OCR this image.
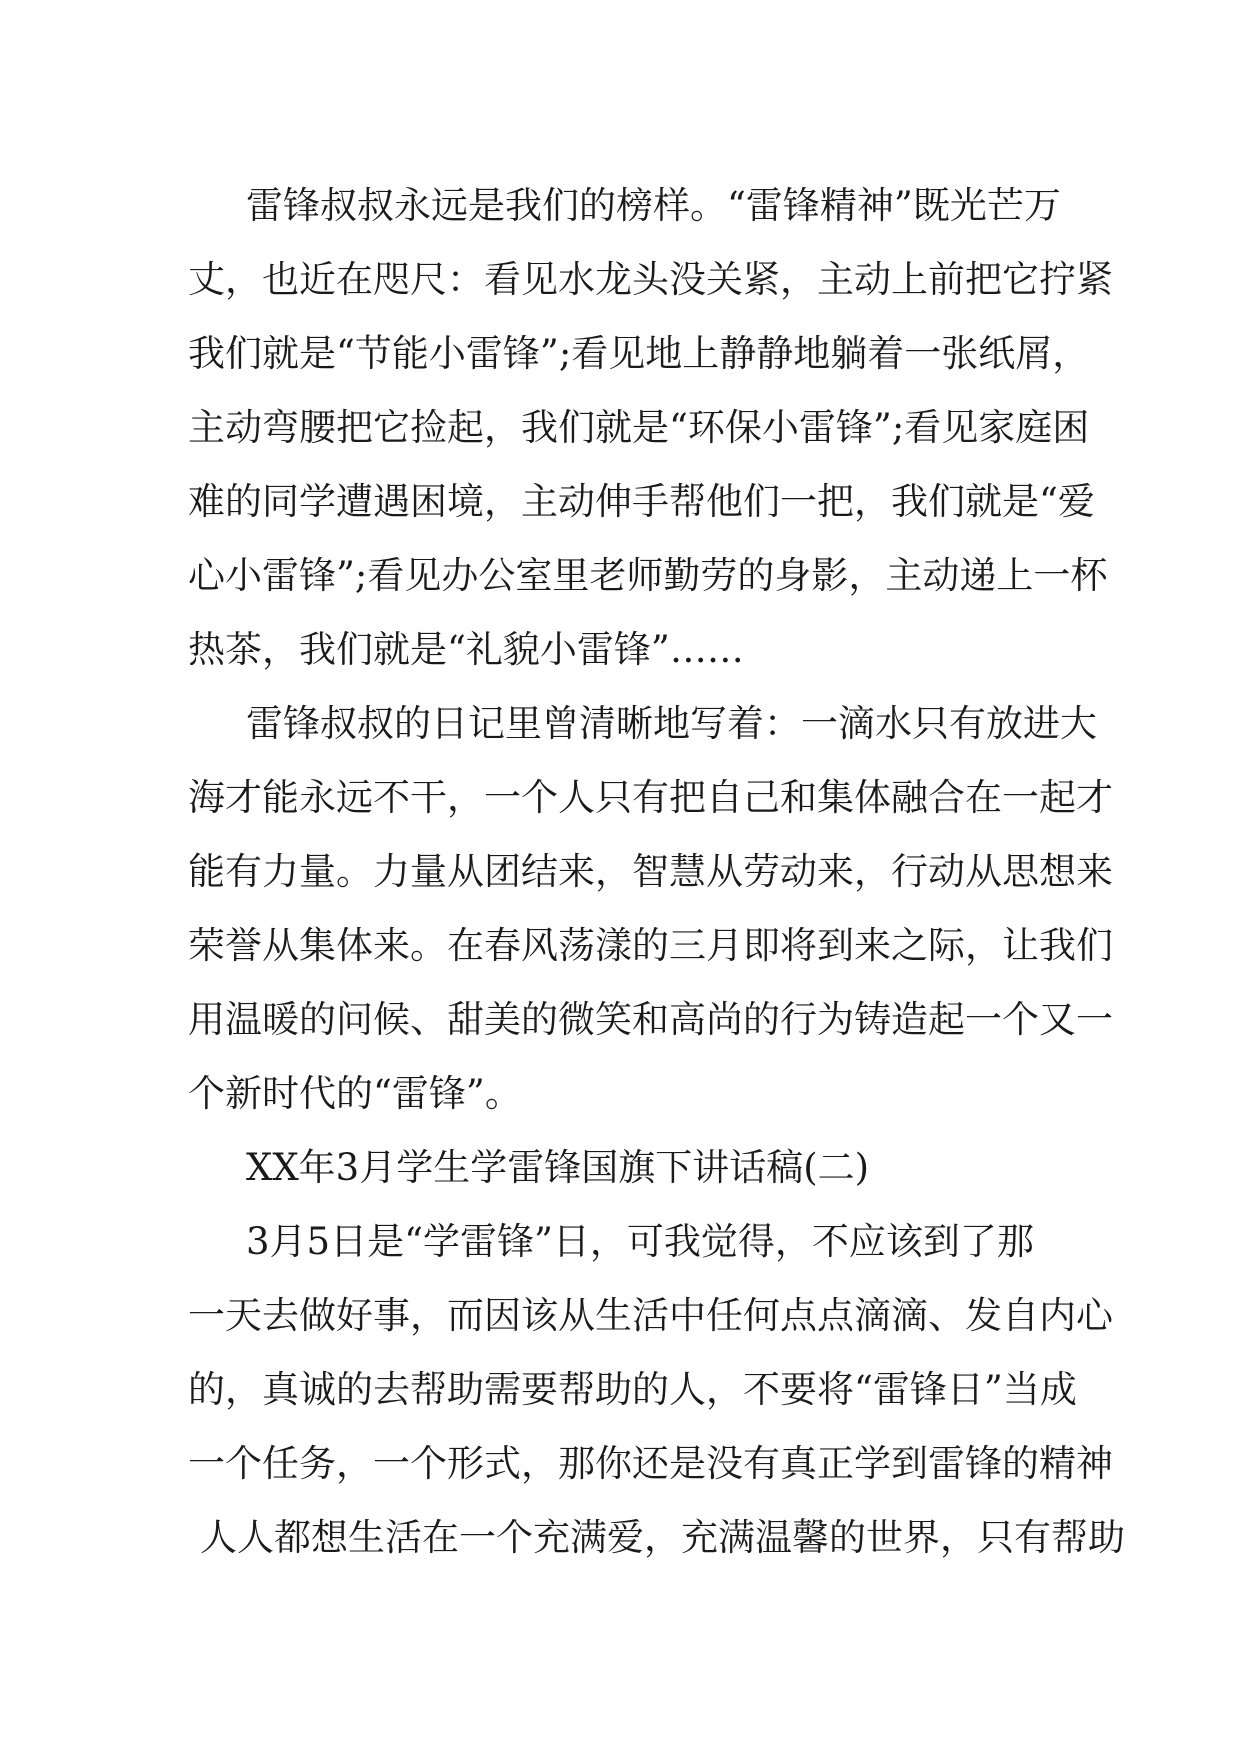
雷锋叔叔永远是我们的榜样。“雷锋精神”既光芒万
丈，也近在咫尺：看见水龙头没关紧，主动上前把它拧紧
我们就是“节能小雷锋”;看见地上静静地躺着一张纸屑，
主动弯腰把它捡起，我们就是“环保小雷锋”;看见家庭困
难的同学遭遇困境，主动伸手帮他们一把，我们就是“爱
心小雷锋”;看见办公室里老师勤劳的身影，主动递上一杯
热茶，我们就是“礼貌小雷锋”……
雷锋叔叔的日记里曾清晰地写着：一滴水只有放进大
海才能永远不干，一个人只有把自己和集体融合在一起才
能有力量。力量从团结来，智慧从劳动来，行动从思想来
荣誉从集体来。在春风荡漾的三月即将到来之际，让我们
用温暖的问候、甜美的微笑和高尚的行为铸造起一个又一
个新时代的“雷锋”。
XX年3月学生学雷锋国旗下讲话稿(二)
3月5日是“学雷锋”日，可我觉得，不应该到了那
一天去做好事，而因该从生活中任何点点滴滴、发自内心
的，真诚的去帮助需要帮助的人，不要将“雷锋日”当成
一个任务，一个形式，那你还是没有真正学到雷锋的精神
人人都想生活在一个充满爱，充满温馨的世界，只有帮助
